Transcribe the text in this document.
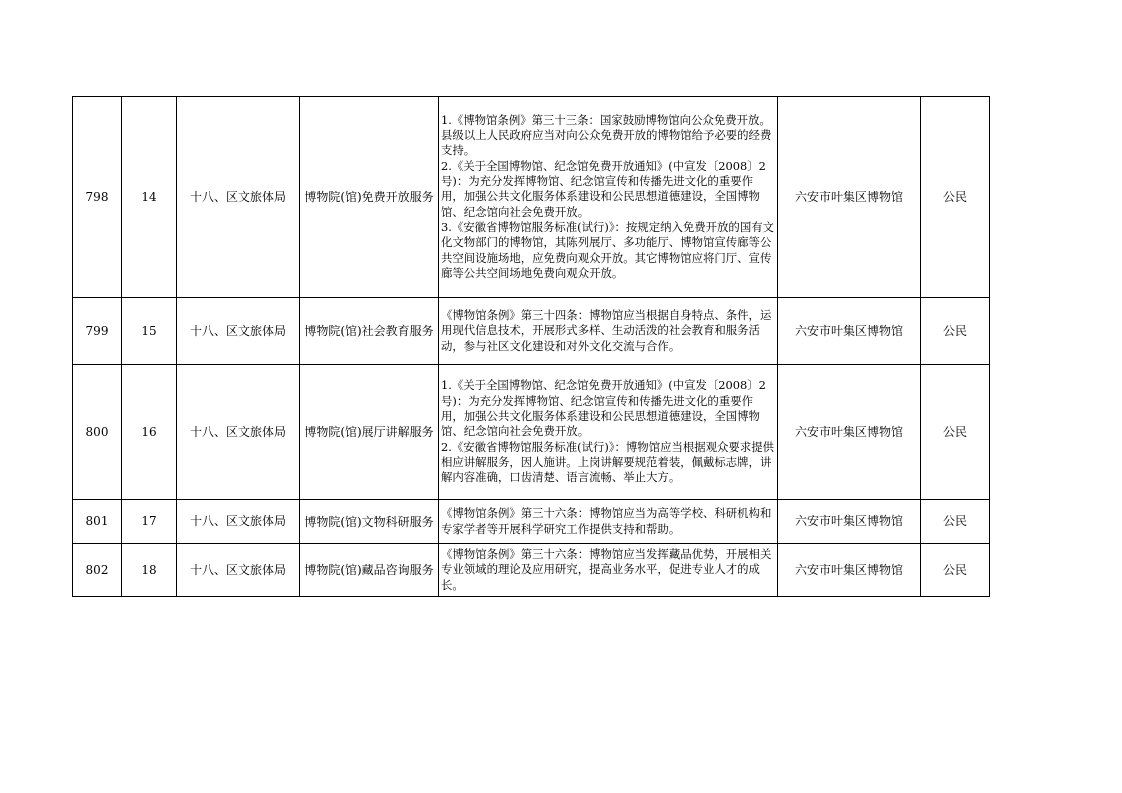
798	14	十八、区文旅体局	博物院(馆)免费开放服务	1.《博物馆条例》第三十三条：国家鼓励博物馆向公众免费开放。县级以上人民政府应当对向公众免费开放的博物馆给予必要的经费支持。
2.《关于全国博物馆、纪念馆免费开放通知》(中宣发〔2008〕2号)：为充分发挥博物馆、纪念馆宣传和传播先进文化的重要作用，加强公共文化服务体系建设和公民思想道德建设，全国博物馆、纪念馆向社会免费开放。
3.《安徽省博物馆服务标准(试行)》：按规定纳入免费开放的国有文化文物部门的博物馆，其陈列展厅、多功能厅、博物馆宣传廊等公共空间设施场地，应免费向观众开放。其它博物馆应将门厅、宣传廊等公共空间场地免费向观众开放。	六安市叶集区博物馆	公民
799	15	十八、区文旅体局	博物院(馆)社会教育服务	《博物馆条例》第三十四条：博物馆应当根据自身特点、条件，运用现代信息技术，开展形式多样、生动活泼的社会教育和服务活动，参与社区文化建设和对外文化交流与合作。	六安市叶集区博物馆	公民
800	16	十八、区文旅体局	博物院(馆)展厅讲解服务	1.《关于全国博物馆、纪念馆免费开放通知》(中宣发〔2008〕2号)：为充分发挥博物馆、纪念馆宣传和传播先进文化的重要作用，加强公共文化服务体系建设和公民思想道德建设，全国博物馆、纪念馆向社会免费开放。
2.《安徽省博物馆服务标准(试行)》：博物馆应当根据观众要求提供相应讲解服务，因人施讲。上岗讲解要规范着装，佩戴标志牌，讲解内容准确，口齿清楚、语言流畅、举止大方。	六安市叶集区博物馆	公民
801	17	十八、区文旅体局	博物院(馆)文物科研服务	《博物馆条例》第三十六条：博物馆应当为高等学校、科研机构和专家学者等开展科学研究工作提供支持和帮助。	六安市叶集区博物馆	公民
802	18	十八、区文旅体局	博物院(馆)藏品咨询服务	《博物馆条例》第三十六条：博物馆应当发挥藏品优势，开展相关专业领域的理论及应用研究，提高业务水平，促进专业人才的成长。	六安市叶集区博物馆	公民
